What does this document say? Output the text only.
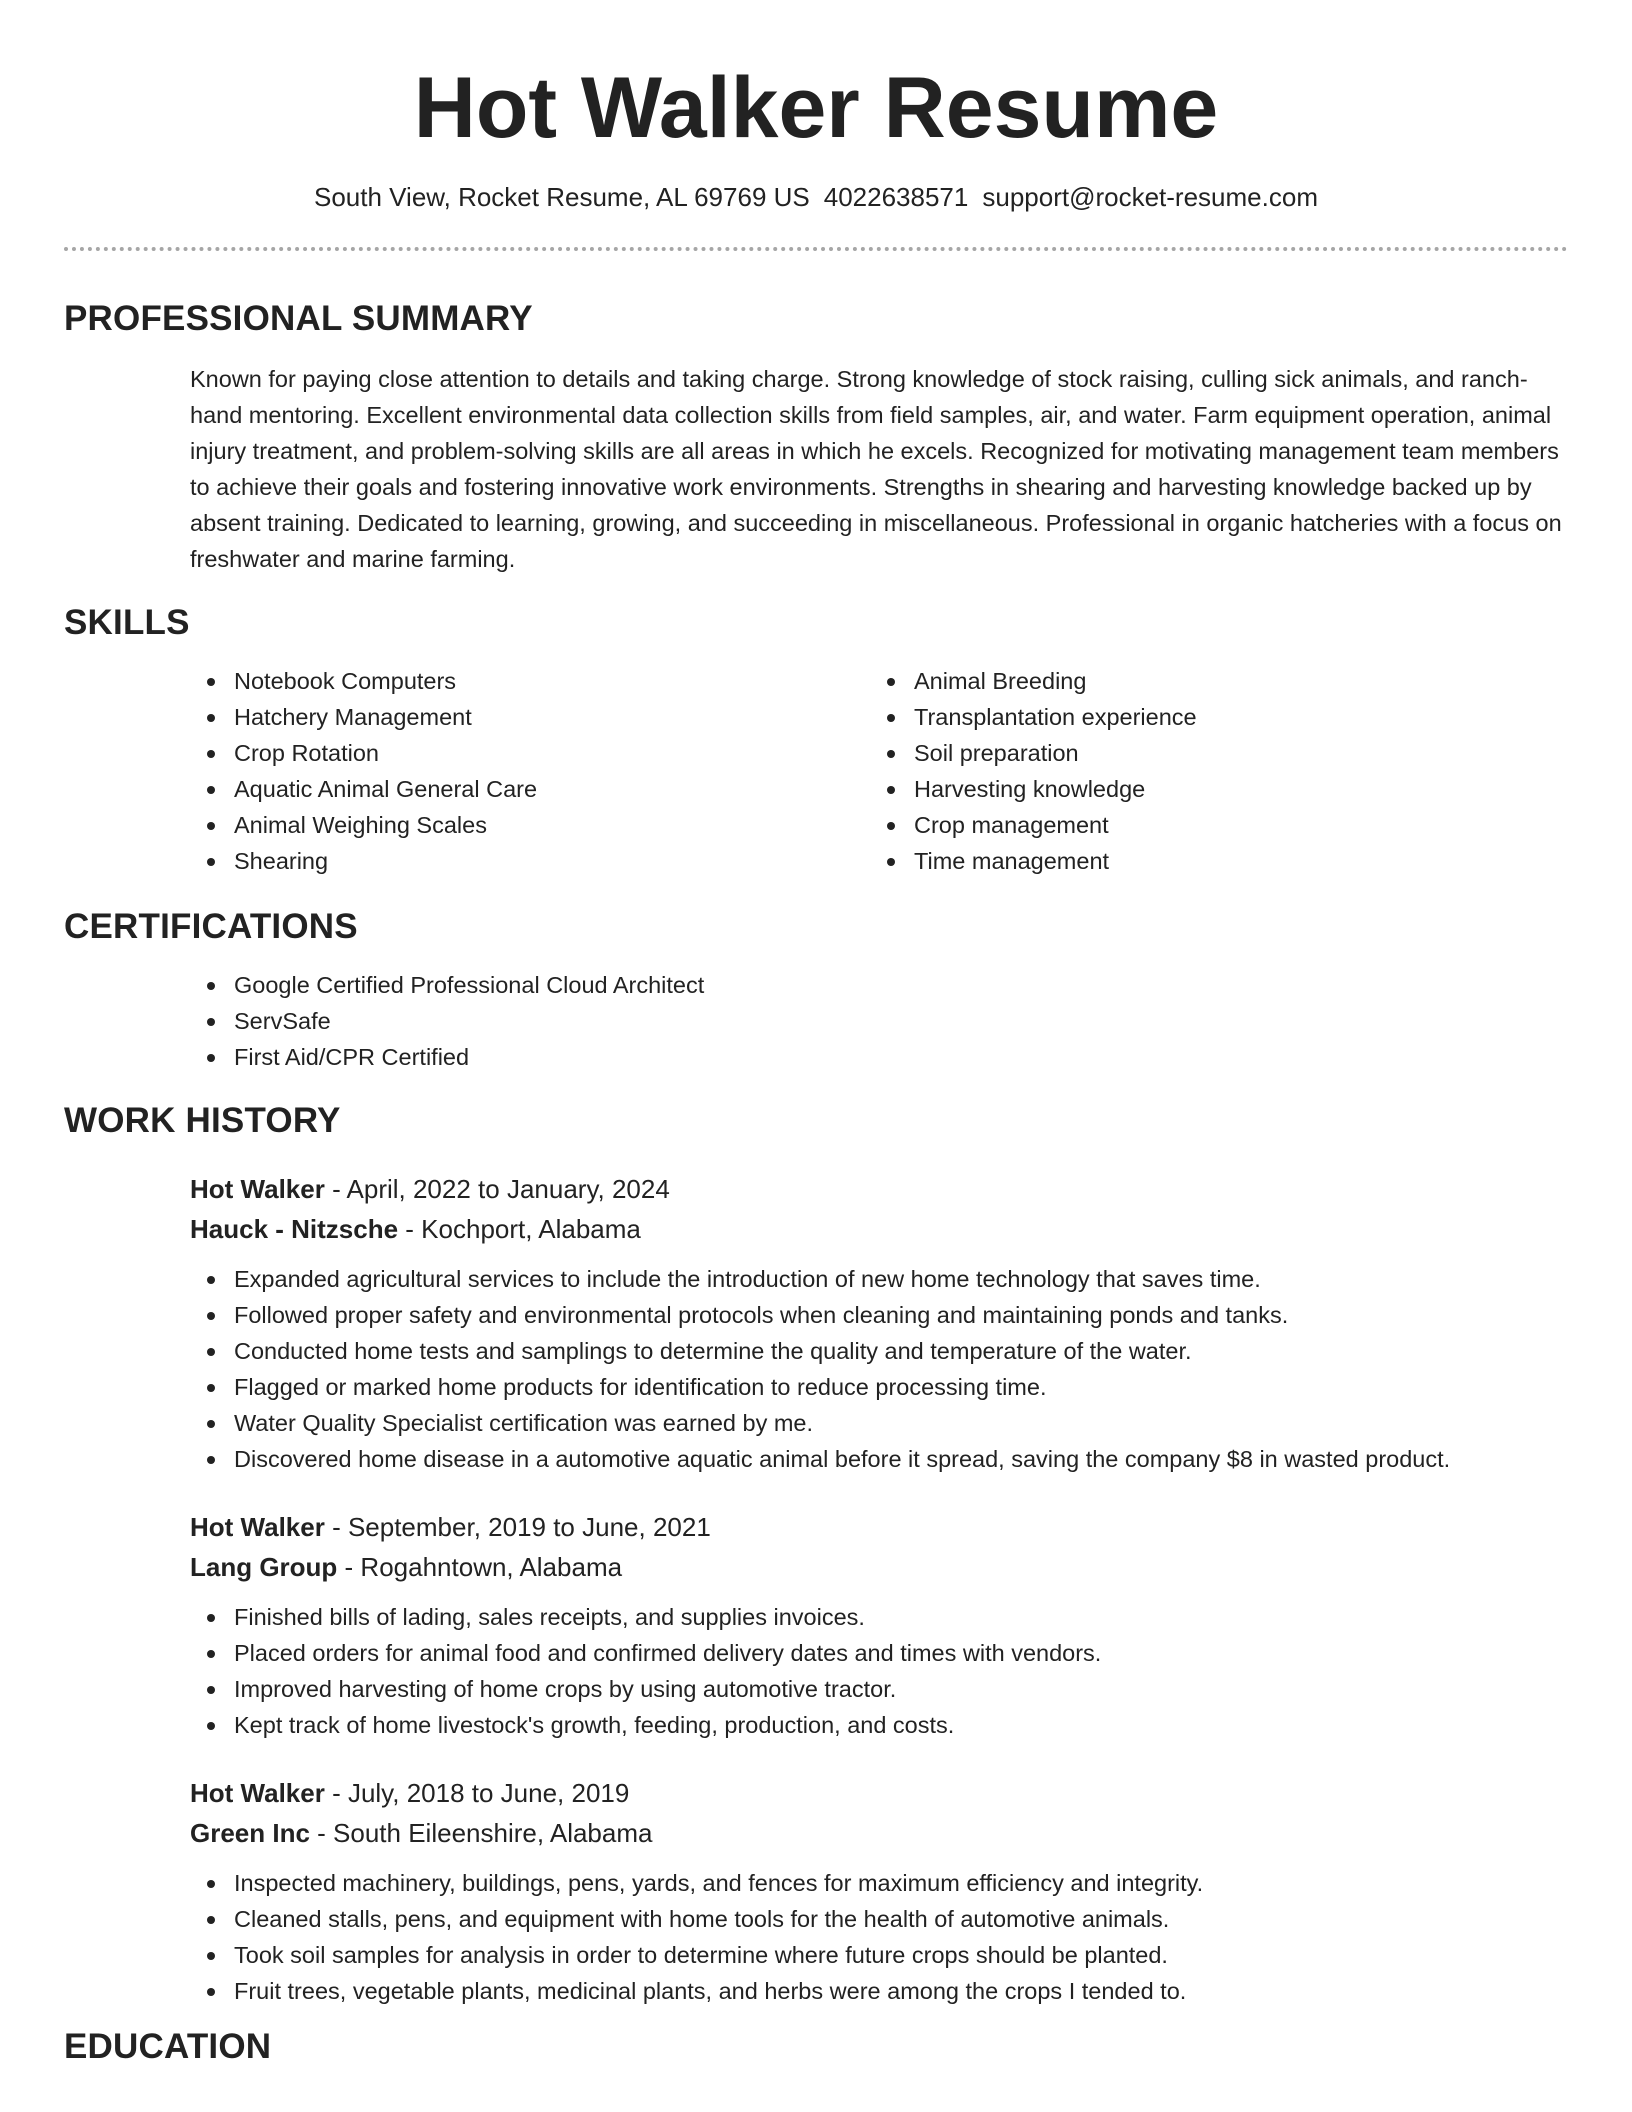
Hot Walker Resume
South View, Rocket Resume, AL 69769 US 4022638571 support@rocket-resume.com
PROFESSIONAL SUMMARY
Known for paying close attention to details and taking charge. Strong knowledge of stock raising, culling sick animals, and ranch-hand mentoring. Excellent environmental data collection skills from field samples, air, and water. Farm equipment operation, animal injury treatment, and problem-solving skills are all areas in which he excels. Recognized for motivating management team members to achieve their goals and fostering innovative work environments. Strengths in shearing and harvesting knowledge backed up by absent training. Dedicated to learning, growing, and succeeding in miscellaneous. Professional in organic hatcheries with a focus on freshwater and marine farming.
SKILLS
Notebook Computers
Hatchery Management
Crop Rotation
Aquatic Animal General Care
Animal Weighing Scales
Shearing
Animal Breeding
Transplantation experience
Soil preparation
Harvesting knowledge
Crop management
Time management
CERTIFICATIONS
Google Certified Professional Cloud Architect
ServSafe
First Aid/CPR Certified
WORK HISTORY
Hot Walker - April, 2022 to January, 2024
Hauck - Nitzsche - Kochport, Alabama
Expanded agricultural services to include the introduction of new home technology that saves time.
Followed proper safety and environmental protocols when cleaning and maintaining ponds and tanks.
Conducted home tests and samplings to determine the quality and temperature of the water.
Flagged or marked home products for identification to reduce processing time.
Water Quality Specialist certification was earned by me.
Discovered home disease in a automotive aquatic animal before it spread, saving the company $8 in wasted product.
Hot Walker - September, 2019 to June, 2021
Lang Group - Rogahntown, Alabama
Finished bills of lading, sales receipts, and supplies invoices.
Placed orders for animal food and confirmed delivery dates and times with vendors.
Improved harvesting of home crops by using automotive tractor.
Kept track of home livestock's growth, feeding, production, and costs.
Hot Walker - July, 2018 to June, 2019
Green Inc - South Eileenshire, Alabama
Inspected machinery, buildings, pens, yards, and fences for maximum efficiency and integrity.
Cleaned stalls, pens, and equipment with home tools for the health of automotive animals.
Took soil samples for analysis in order to determine where future crops should be planted.
Fruit trees, vegetable plants, medicinal plants, and herbs were among the crops I tended to.
EDUCATION
